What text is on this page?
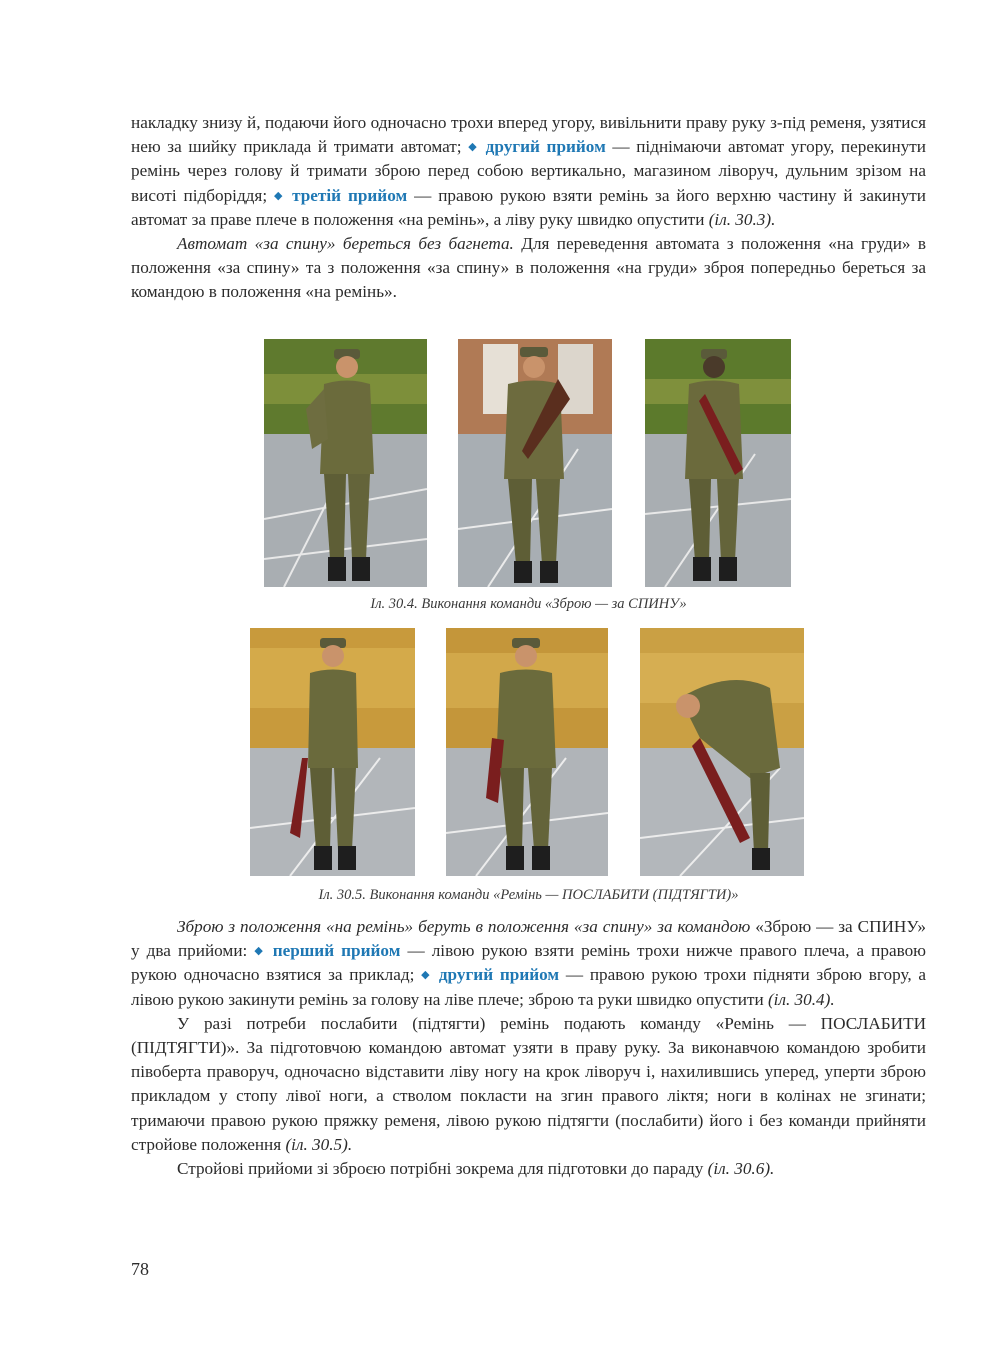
накладку знизу й, подаючи його одночасно трохи вперед угору, вивільнити праву руку з-під ременя, узятися нею за шийку приклада й тримати автомат; ◆ другий прийом — піднімаючи автомат угору, перекинути ремінь через голову й тримати зброю перед собою вертикально, магазином ліворуч, дульним зрізом на висоті підборіддя; ◆ третій прийом — правою рукою взяти ремінь за його верхню частину й закинути автомат за праве плече в положення «на ремінь», а ліву руку швидко опустити (іл. 30.3).

Автомат «за спину» береться без багнета. Для переведення автомата з положення «на груди» в положення «за спину» та з положення «за спину» в положення «на груди» зброя попередньо береться за командою в положення «на ремінь».

Іл. 30.4. Виконання команди «Зброю — за СПИНУ»
Іл. 30.5. Виконання команди «Ремінь — ПОСЛАБИТИ (ПІДТЯГТИ)»

Зброю з положення «на ремінь» беруть в положення «за спину» за командою «Зброю — за СПИНУ» у два прийоми: ◆ перший прийом — лівою рукою взяти ремінь трохи нижче правого плеча, а правою рукою одночасно взятися за приклад; ◆ другий прийом — правою рукою трохи підняти зброю вгору, а лівою рукою закинути ремінь за голову на ліве плече; зброю та руки швидко опустити (іл. 30.4).

У разі потреби послабити (підтягти) ремінь подають команду «Ремінь — ПОСЛАБИТИ (ПІДТЯГТИ)». За підготовчою командою автомат узяти в праву руку. За виконавчою командою зробити півоберта праворуч, одночасно відставити ліву ногу на крок ліворуч і, нахилившись уперед, уперти зброю прикладом у стопу лівої ноги, а стволом покласти на згин правого ліктя; ноги в колінах не згинати; тримаючи правою рукою пряжку ременя, лівою рукою підтягти (послабити) його і без команди прийняти стройове положення (іл. 30.5).

Стройові прийоми зі зброєю потрібні зокрема для підготовки до параду (іл. 30.6).

78
